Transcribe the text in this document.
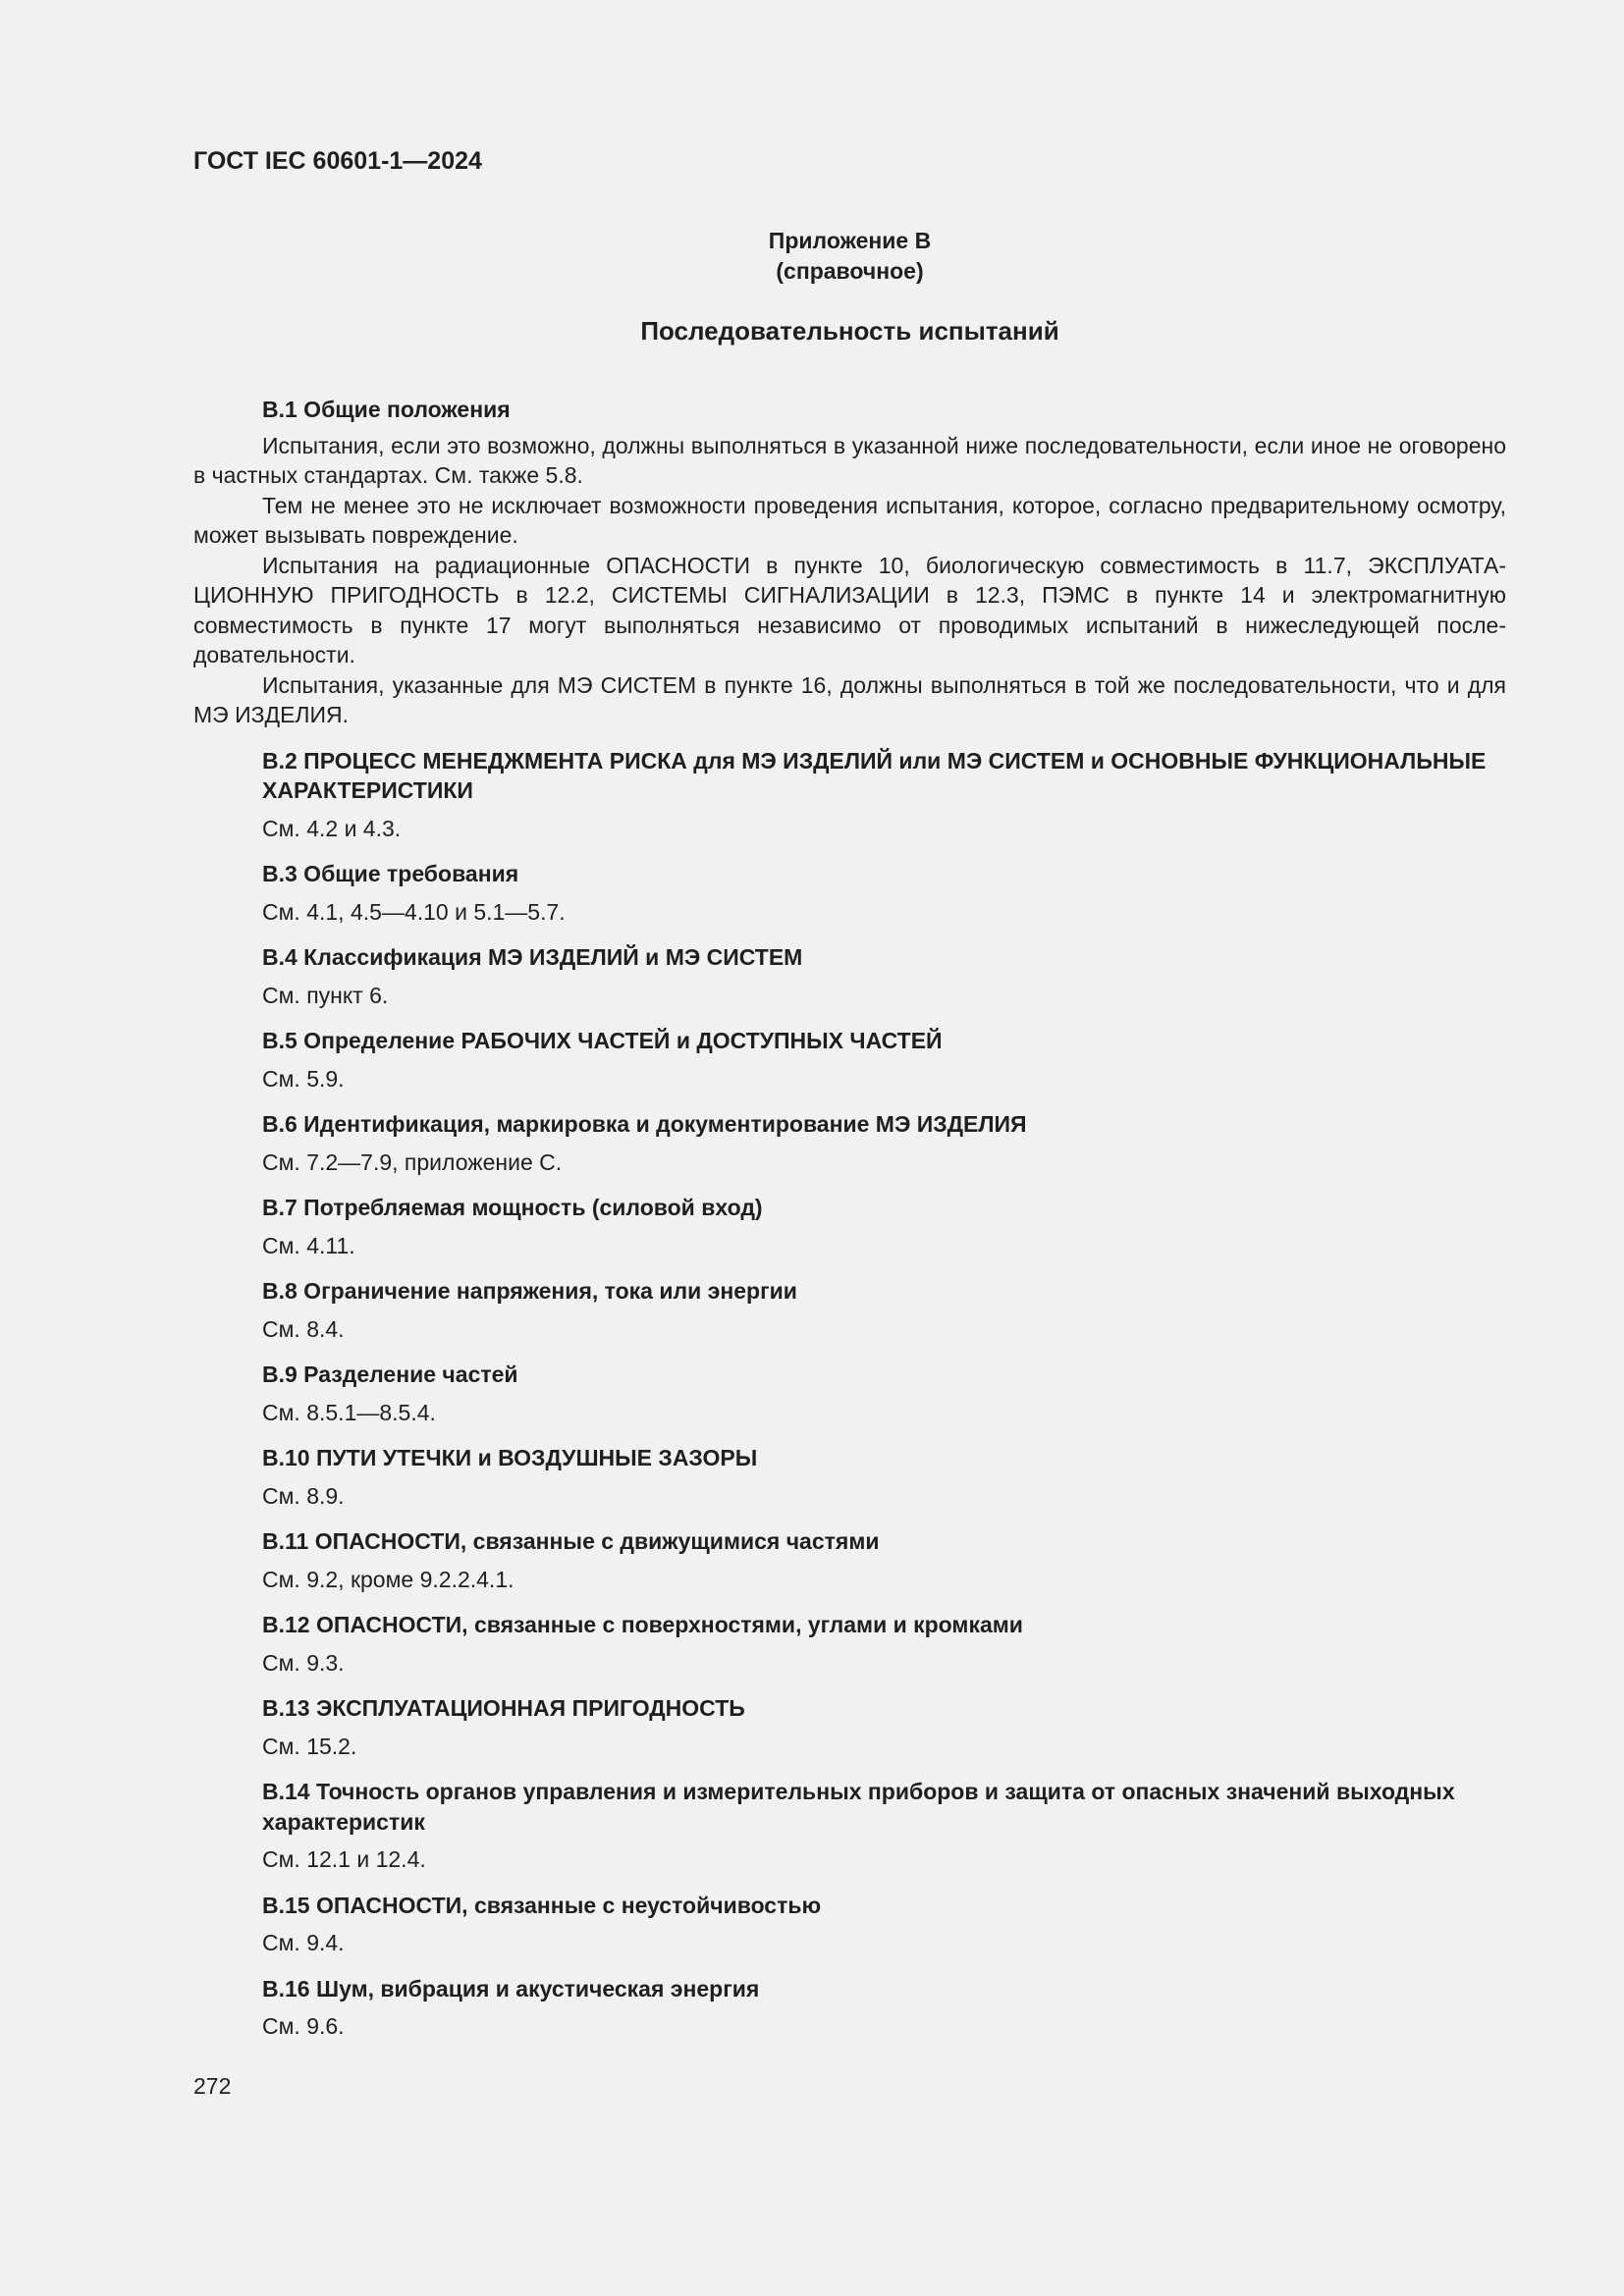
ГОСТ IEC 60601-1—2024

Приложение В
(справочное)

Последовательность испытаний

В.1 Общие положения

Испытания, если это возможно, должны выполняться в указанной ниже последовательности, если иное не оговорено в частных стандартах. См. также 5.8.

Тем не менее это не исключает возможности проведения испытания, которое, согласно предварительному осмотру, может вызывать повреждение.

Испытания на радиационные ОПАСНОСТИ в пункте 10, биологическую совместимость в 11.7, ЭКСПЛУАТАЦИОННУЮ ПРИГОДНОСТЬ в 12.2, СИСТЕМЫ СИГНАЛИЗАЦИИ в 12.3, ПЭМС в пункте 14 и электромагнитную совместимость в пункте 17 могут выполняться независимо от проводимых испытаний в нижеследующей последовательности.

Испытания, указанные для МЭ СИСТЕМ в пункте 16, должны выполняться в той же последовательности, что и для МЭ ИЗДЕЛИЯ.

В.2 ПРОЦЕСС МЕНЕДЖМЕНТА РИСКА для МЭ ИЗДЕЛИЙ или МЭ СИСТЕМ и ОСНОВНЫЕ ФУНКЦИОНАЛЬНЫЕ ХАРАКТЕРИСТИКИ

См. 4.2 и 4.3.

В.3 Общие требования

См. 4.1, 4.5—4.10 и 5.1—5.7.

В.4 Классификация МЭ ИЗДЕЛИЙ и МЭ СИСТЕМ

См. пункт 6.

В.5 Определение РАБОЧИХ ЧАСТЕЙ и ДОСТУПНЫХ ЧАСТЕЙ

См. 5.9.

В.6 Идентификация, маркировка и документирование МЭ ИЗДЕЛИЯ

См. 7.2—7.9, приложение С.

В.7 Потребляемая мощность (силовой вход)

См. 4.11.

В.8 Ограничение напряжения, тока или энергии

См. 8.4.

В.9 Разделение частей

См. 8.5.1—8.5.4.

В.10 ПУТИ УТЕЧКИ и ВОЗДУШНЫЕ ЗАЗОРЫ

См. 8.9.

В.11 ОПАСНОСТИ, связанные с движущимися частями

См. 9.2, кроме 9.2.2.4.1.

В.12 ОПАСНОСТИ, связанные с поверхностями, углами и кромками

См. 9.3.

В.13 ЭКСПЛУАТАЦИОННАЯ ПРИГОДНОСТЬ

См. 15.2.

В.14 Точность органов управления и измерительных приборов и защита от опасных значений выходных характеристик

См. 12.1 и 12.4.

В.15 ОПАСНОСТИ, связанные с неустойчивостью

См. 9.4.

В.16 Шум, вибрация и акустическая энергия

См. 9.6.

272
